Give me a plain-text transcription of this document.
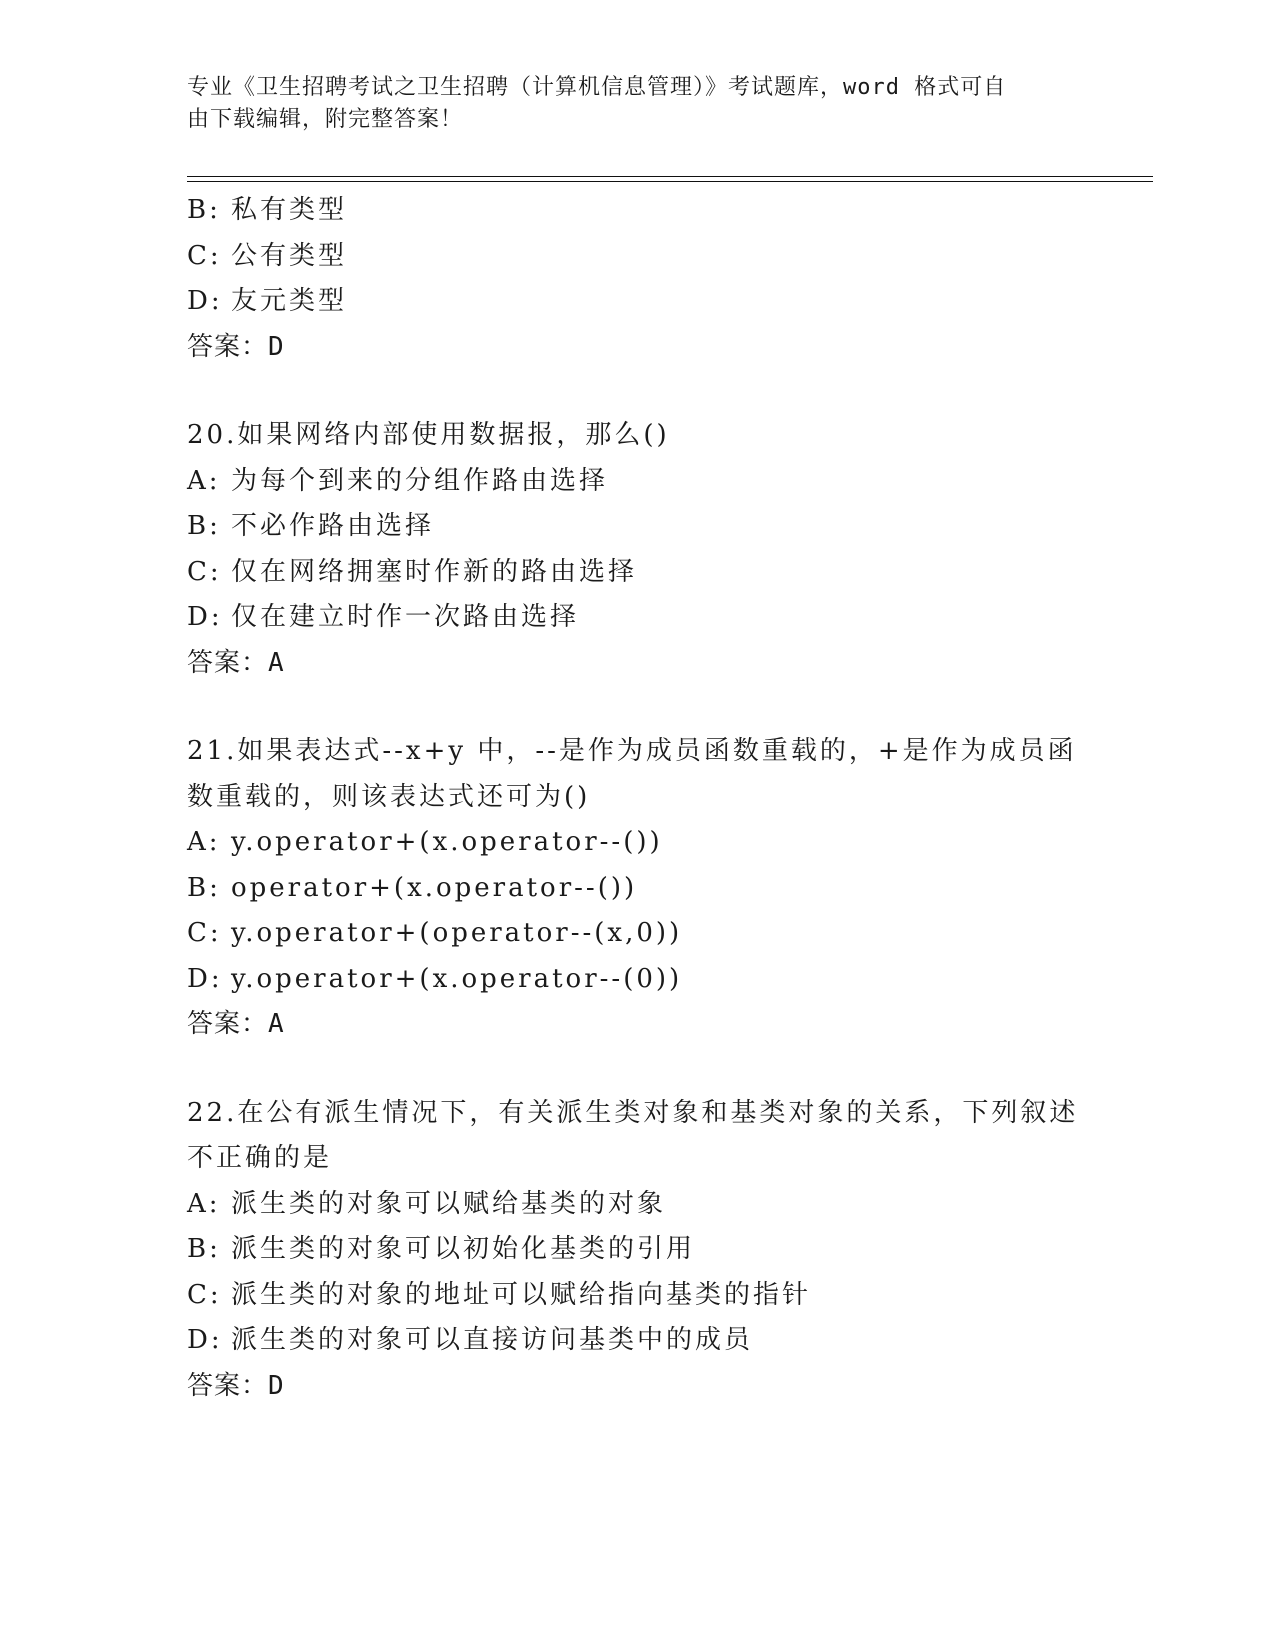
专业《卫生招聘考试之卫生招聘（计算机信息管理）》考试题库，word 格式可自
由下载编辑，附完整答案！
B: 私有类型
C: 公有类型
D: 友元类型
答案：D
20.如果网络内部使用数据报，那么()
A: 为每个到来的分组作路由选择
B: 不必作路由选择
C: 仅在网络拥塞时作新的路由选择
D: 仅在建立时作一次路由选择
答案：A
21.如果表达式--x+y 中，--是作为成员函数重载的，+是作为成员函数重载的，则该表达式还可为()
A: y.operator+(x.operator--())
B: operator+(x.operator--())
C: y.operator+(operator--(x,0))
D: y.operator+(x.operator--(0))
答案：A
22.在公有派生情况下，有关派生类对象和基类对象的关系，下列叙述不正确的是
A: 派生类的对象可以赋给基类的对象
B: 派生类的对象可以初始化基类的引用
C: 派生类的对象的地址可以赋给指向基类的指针
D: 派生类的对象可以直接访问基类中的成员
答案：D
